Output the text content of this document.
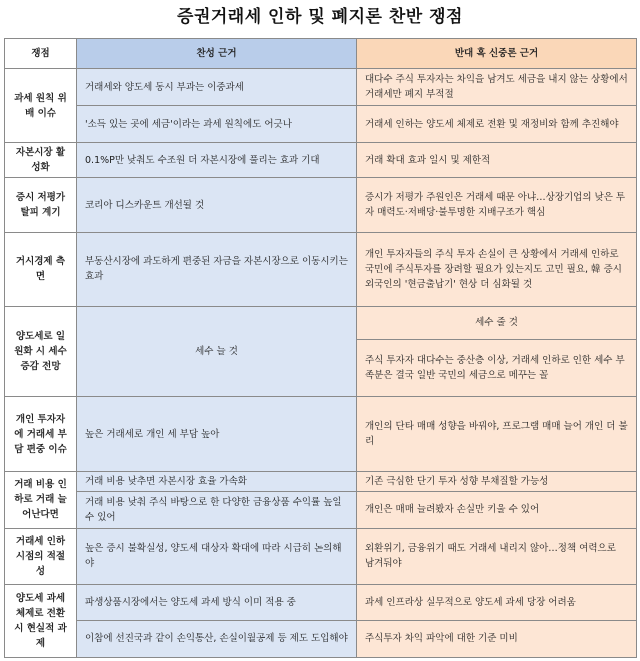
증권거래세 인하 및 폐지론 찬반 쟁점
쟁점	찬성 근거	반대 혹 신중론 근거
과세 원칙 위배 이슈	거래세와 양도세 동시 부과는 이중과세	대다수 주식 투자자는 차익을 남겨도 세금을 내지 않는 상황에서 거래세만 폐지 부적절
	'소득 있는 곳에 세금'이라는 과세 원칙에도 어긋나	거래세 인하는 양도세 체제로 전환 및 재정비와 함께 추진해야
자본시장 활성화	0.1%P만 낮춰도 수조원 더 자본시장에 풀리는 효과 기대	거래 확대 효과 일시 및 제한적
증시 저평가 탈피 계기	코리아 디스카운트 개선될 것	증시가 저평가 주원인은 거래세 때문 아냐…상장기업의 낮은 투자 매력도·저배당·불투명한 지배구조가 핵심
거시경제 측면	부동산시장에 과도하게 편중된 자금을 자본시장으로 이동시키는 효과	개인 투자자들의 주식 투자 손실이 큰 상황에서 거래세 인하로 국민에 주식투자를 장려할 필요가 있는지도 고민 필요, 韓 증시 외국인의 '현금출납기' 현상 더 심화될 것
양도세로 일원화 시 세수 증감 전망	세수 늘 것	세수 줄 것
		주식 투자자 대다수는 중산층 이상, 거래세 인하로 인한 세수 부족분은 결국 일반 국민의 세금으로 메꾸는 꼴
개인 투자자에 거래세 부담 편중 이슈	높은 거래세로 개인 세 부담 높아	개인의 단타 매매 성향을 바꿔야, 프로그램 매매 늘어 개인 더 불리
거래 비용 인하로 거래 늘어난다면	거래 비용 낮추면 자본시장 효율 가속화	기존 극심한 단기 투자 성향 부채질할 가능성
	거래 비용 낮춰 주식 바탕으로 한 다양한 금융상품 수익률 높일 수 있어	개인은 매매 늘려봤자 손실만 키울 수 있어
거래세 인하 시점의 적절성	높은 증시 불확실성, 양도세 대상자 확대에 따라 시급히 논의해야	외환위기, 금융위기 때도 거래세 내리지 않아…정책 여력으로 남겨둬야
양도세 과세 체제로 전환 시 현실적 과제	파생상품시장에서는 양도세 과세 방식 이미 적용 중	과세 인프라상 실무적으로 양도세 과세 당장 어려움
	이참에 선진국과 같이 손익통산, 손실이월공제 등 제도 도입해야	주식투자 차익 파악에 대한 기준 미비
